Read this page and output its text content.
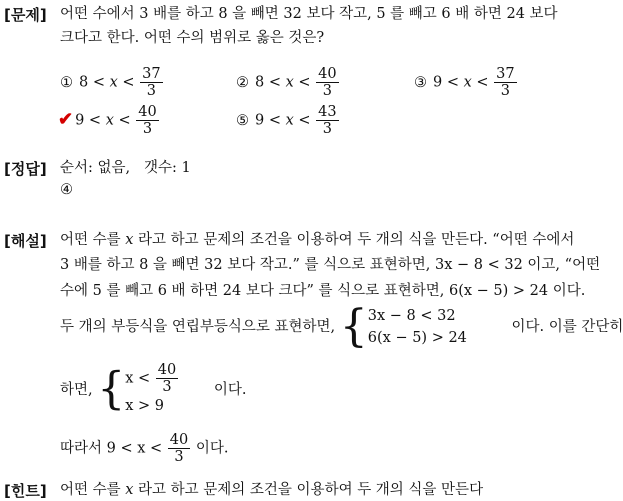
[문제] 어떤 수에서 3 배를 하고 8 을 빼면 32 보다 작고, 5 를 빼고 6 배 하면 24 보다
크다고 한다. 어떤 수의 범위로 옳은 것은?
① $8 < x < \frac{37}{3}$	② $8 < x < \frac{40}{3}$	③ $9 < x < \frac{37}{3}$
✔ $9 < x < \frac{40}{3}$	⑤ $9 < x < \frac{43}{3}$
[정답] 순서: 없음, 갯수: 1
④
[해설] 어떤 수를 x 라고 하고 문제의 조건을 이용하여 두 개의 식을 만든다. “어떤 수에서
3 배를 하고 8 을 빼면 32 보다 작고.” 를 식으로 표현하면, 3x − 8 < 32 이고, “어떤
수에 5 를 빼고 6 배 하면 24 보다 크다” 를 식으로 표현하면, 6(x − 5) > 24 이다.
두 개의 부등식을 연립부등식으로 표현하면, { 3x − 8 < 32
6(x − 5) > 24
이다. 이를 간단히
하면, { $x < \frac{40}{3}$
x > 9
이다.
따라서 $9 < x < \frac{40}{3}$ 이다.
[힌트] 어떤 수를 x 라고 하고 문제의 조건을 이용하여 두 개의 식을 만든다
